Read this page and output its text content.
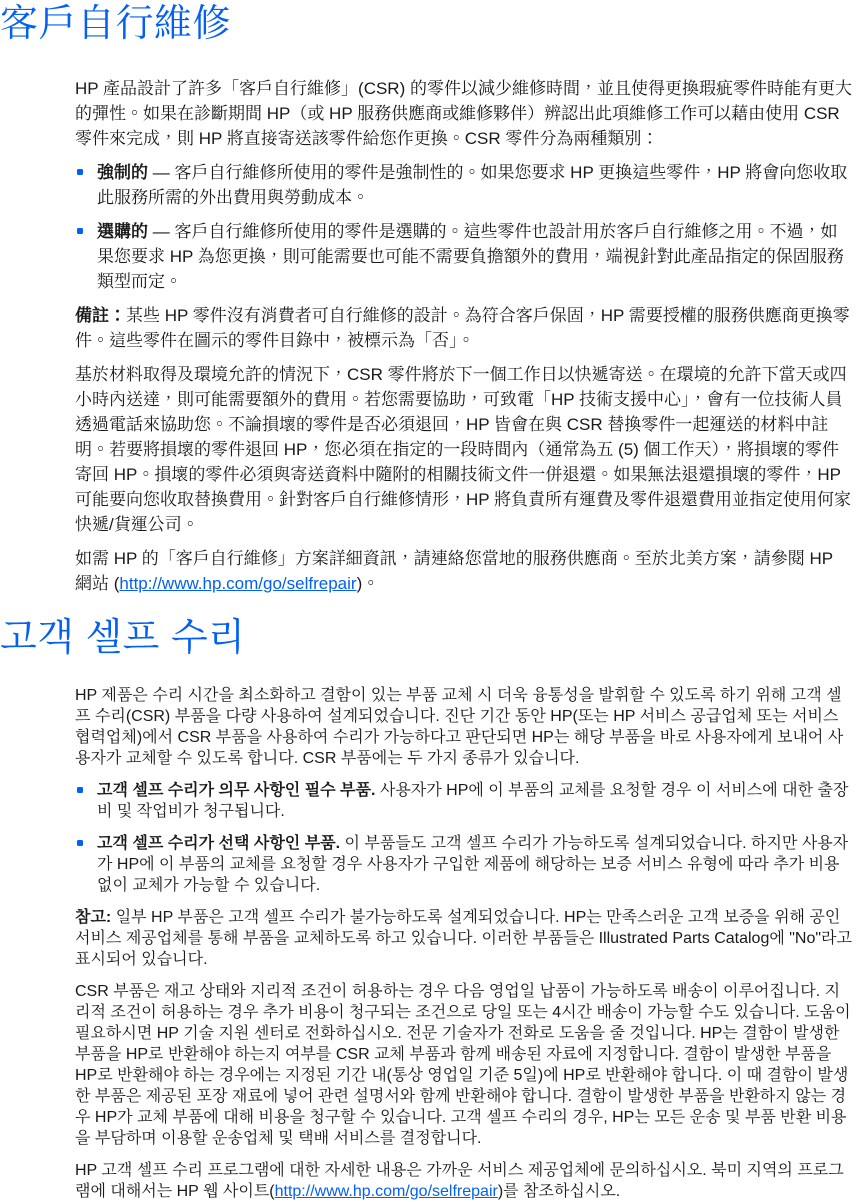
客戶自行維修

HP 產品設計了許多「客戶自行維修」(CSR) 的零件以減少維修時間，並且使得更換瑕疵零件時能有更大的彈性。如果在診斷期間 HP（或 HP 服務供應商或維修夥伴）辨認出此項維修工作可以藉由使用 CSR 零件來完成，則 HP 將直接寄送該零件給您作更換。CSR 零件分為兩種類別：

強制的 — 客戶自行維修所使用的零件是強制性的。如果您要求 HP 更換這些零件，HP 將會向您收取此服務所需的外出費用與勞動成本。
選購的 — 客戶自行維修所使用的零件是選購的。這些零件也設計用於客戶自行維修之用。不過，如果您要求 HP 為您更換，則可能需要也可能不需要負擔額外的費用，端視針對此產品指定的保固服務類型而定。

備註：某些 HP 零件沒有消費者可自行維修的設計。為符合客戶保固，HP 需要授權的服務供應商更換零件。這些零件在圖示的零件目錄中，被標示為「否」。

基於材料取得及環境允許的情況下，CSR 零件將於下一個工作日以快遞寄送。在環境的允許下當天或四小時內送達，則可能需要額外的費用。若您需要協助，可致電「HP 技術支援中心」，會有一位技術人員透過電話來協助您。不論損壞的零件是否必須退回，HP 皆會在與 CSR 替換零件一起運送的材料中註明。若要將損壞的零件退回 HP，您必須在指定的一段時間內（通常為五 (5) 個工作天），將損壞的零件寄回 HP。損壞的零件必須與寄送資料中隨附的相關技術文件一併退還。如果無法退還損壞的零件，HP 可能要向您收取替換費用。針對客戶自行維修情形，HP 將負責所有運費及零件退還費用並指定使用何家快遞/貨運公司。

如需 HP 的「客戶自行維修」方案詳細資訊，請連絡您當地的服務供應商。至於北美方案，請參閱 HP 網站 (http://www.hp.com/go/selfrepair)。

고객 셀프 수리

HP 제품은 수리 시간을 최소화하고 결함이 있는 부품 교체 시 더욱 융통성을 발휘할 수 있도록 하기 위해 고객 셀프 수리(CSR) 부품을 다량 사용하여 설계되었습니다. 진단 기간 동안 HP(또는 HP 서비스 공급업체 또는 서비스 협력업체)에서 CSR 부품을 사용하여 수리가 가능하다고 판단되면 HP는 해당 부품을 바로 사용자에게 보내어 사용자가 교체할 수 있도록 합니다. CSR 부품에는 두 가지 종류가 있습니다.

고객 셀프 수리가 의무 사항인 필수 부품. 사용자가 HP에 이 부품의 교체를 요청할 경우 이 서비스에 대한 출장비 및 작업비가 청구됩니다.
고객 셀프 수리가 선택 사항인 부품. 이 부품들도 고객 셀프 수리가 가능하도록 설계되었습니다. 하지만 사용자가 HP에 이 부품의 교체를 요청할 경우 사용자가 구입한 제품에 해당하는 보증 서비스 유형에 따라 추가 비용 없이 교체가 가능할 수 있습니다.

참고: 일부 HP 부품은 고객 셀프 수리가 불가능하도록 설계되었습니다. HP는 만족스러운 고객 보증을 위해 공인 서비스 제공업체를 통해 부품을 교체하도록 하고 있습니다. 이러한 부품들은 Illustrated Parts Catalog에 "No"라고 표시되어 있습니다.

CSR 부품은 재고 상태와 지리적 조건이 허용하는 경우 다음 영업일 납품이 가능하도록 배송이 이루어집니다. 지리적 조건이 허용하는 경우 추가 비용이 청구되는 조건으로 당일 또는 4시간 배송이 가능할 수도 있습니다. 도움이 필요하시면 HP 기술 지원 센터로 전화하십시오. 전문 기술자가 전화로 도움을 줄 것입니다. HP는 결함이 발생한 부품을 HP로 반환해야 하는지 여부를 CSR 교체 부품과 함께 배송된 자료에 지정합니다. 결함이 발생한 부품을 HP로 반환해야 하는 경우에는 지정된 기간 내(통상 영업일 기준 5일)에 HP로 반환해야 합니다. 이 때 결함이 발생한 부품은 제공된 포장 재료에 넣어 관련 설명서와 함께 반환해야 합니다. 결함이 발생한 부품을 반환하지 않는 경우 HP가 교체 부품에 대해 비용을 청구할 수 있습니다. 고객 셀프 수리의 경우, HP는 모든 운송 및 부품 반환 비용을 부담하며 이용할 운송업체 및 택배 서비스를 결정합니다.

HP 고객 셀프 수리 프로그램에 대한 자세한 내용은 가까운 서비스 제공업체에 문의하십시오. 북미 지역의 프로그램에 대해서는 HP 웹 사이트(http://www.hp.com/go/selfrepair)를 참조하십시오.
